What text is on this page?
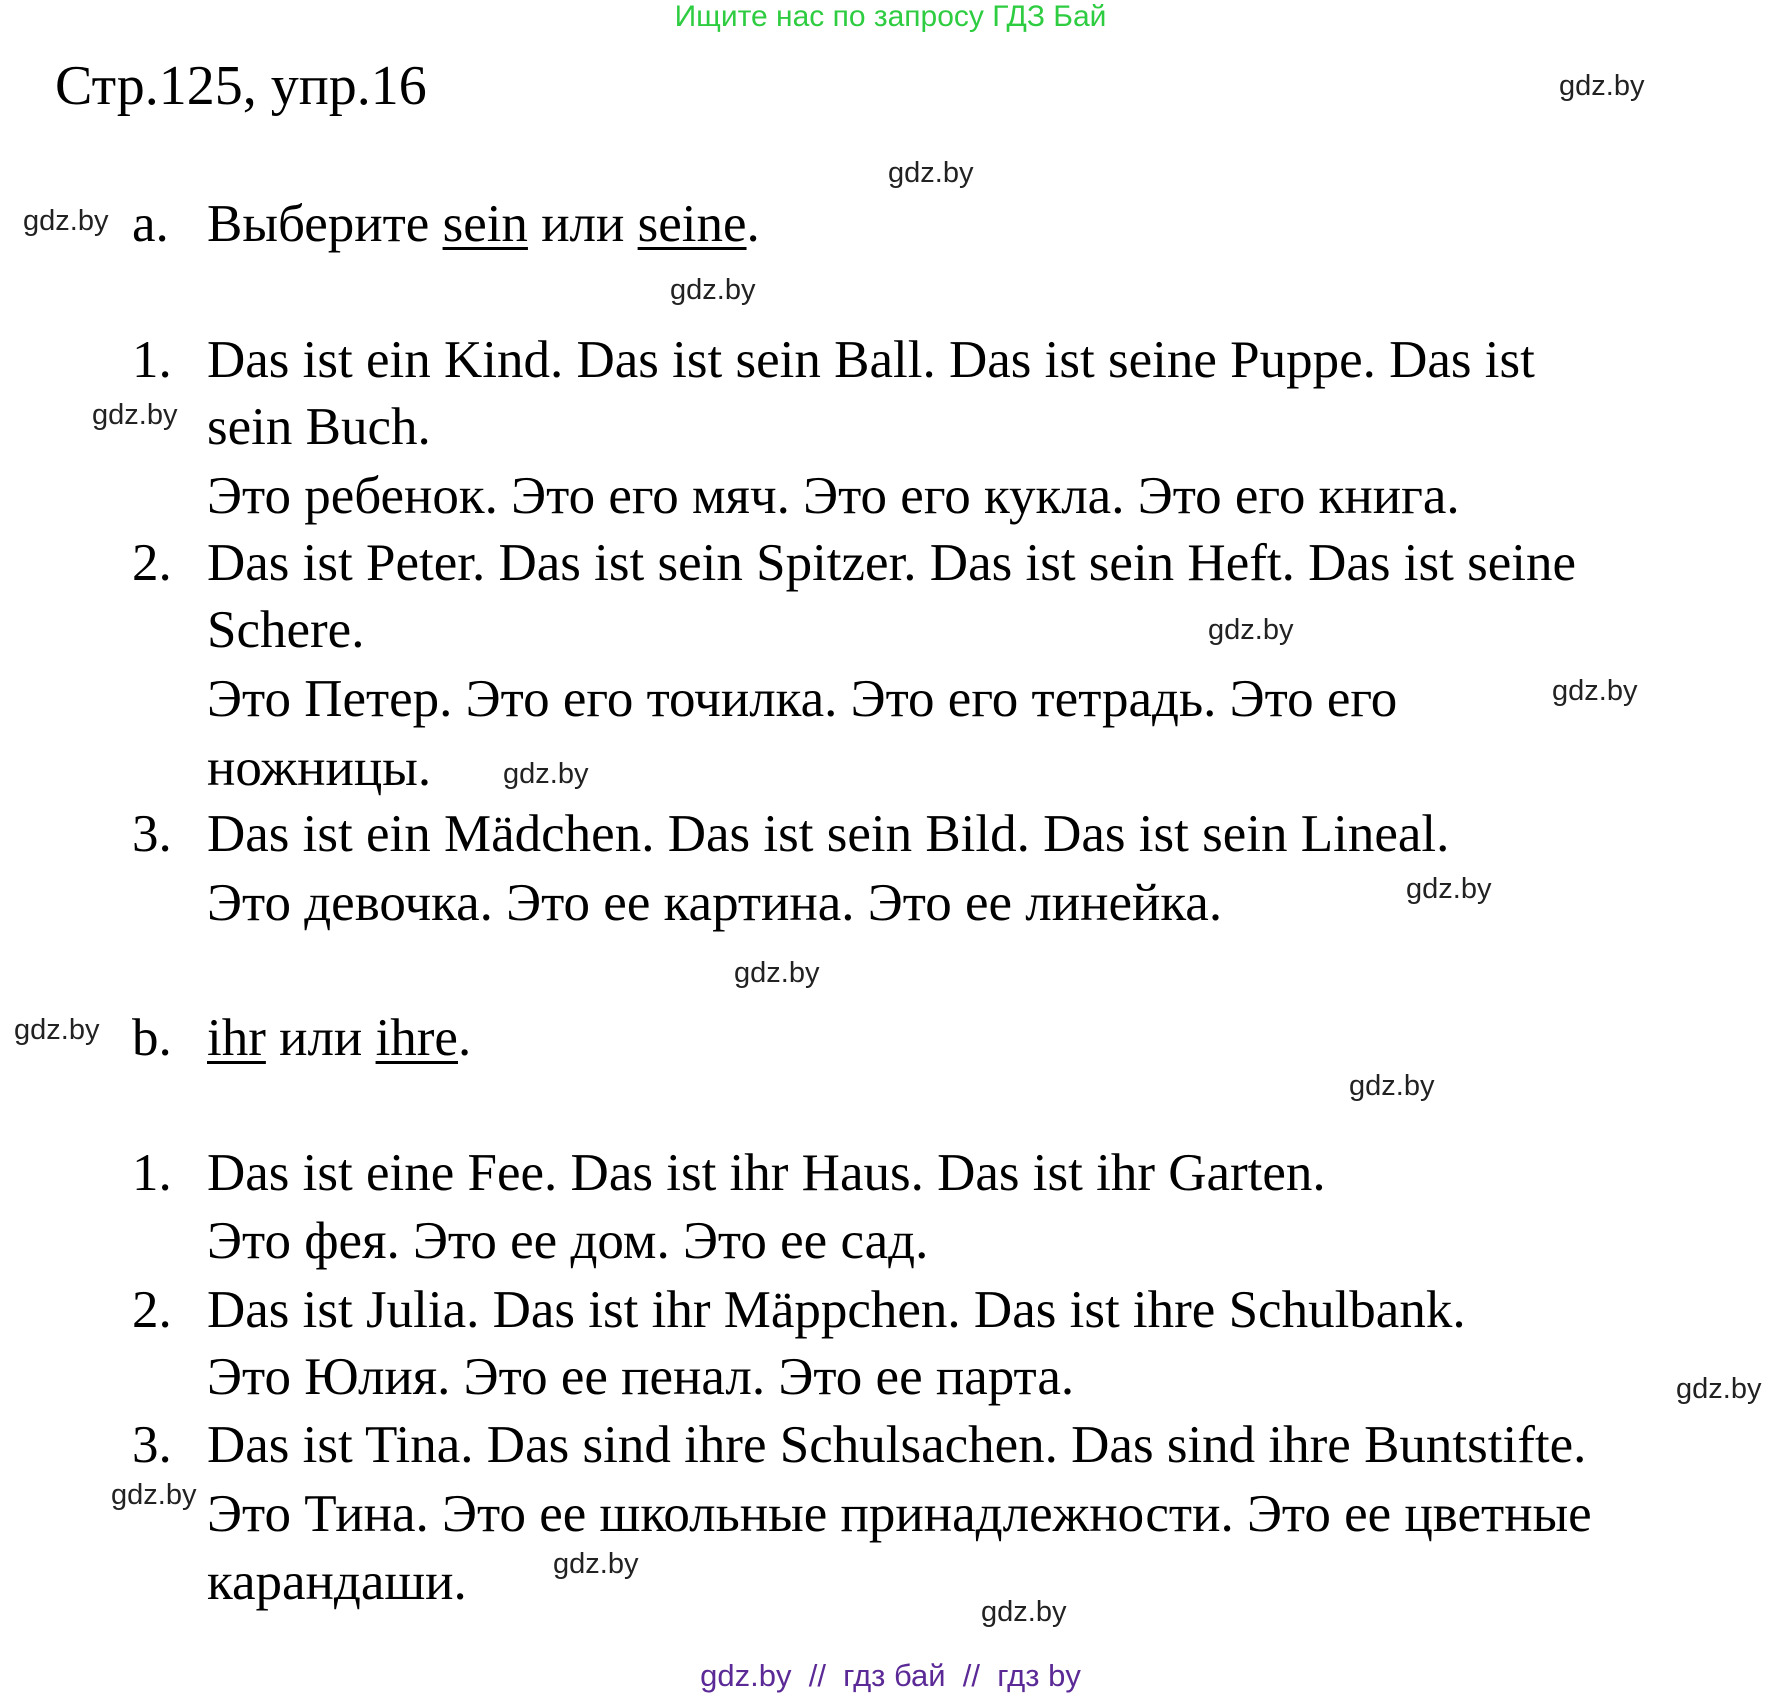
Ищите нас по запросу ГДЗ Бай
Стр.125, упр.16
a. Выберите sein или seine.
1. Das ist ein Kind. Das ist sein Ball. Das ist seine Puppe. Das ist
sein Buch.
Это ребенок. Это его мяч. Это его кукла. Это его книга.
2. Das ist Peter. Das ist sein Spitzer. Das ist sein Heft. Das ist seine
Schere.
Это Петер. Это его точилка. Это его тетрадь. Это его
ножницы.
3. Das ist ein Mädchen. Das ist sein Bild. Das ist sein Lineal.
Это девочка. Это ее картина. Это ее линейка.
b. ihr или ihre.
1. Das ist eine Fee. Das ist ihr Haus. Das ist ihr Garten.
Это фея. Это ее дом. Это ее сад.
2. Das ist Julia. Das ist ihr Mäppchen. Das ist ihre Schulbank.
Это Юлия. Это ее пенал. Это ее парта.
3. Das ist Tina. Das sind ihre Schulsachen. Das sind ihre Buntstifte.
Это Тина. Это ее школьные принадлежности. Это ее цветные
карандаши.
gdz.by
gdz.by
gdz.by
gdz.by
gdz.by
gdz.by
gdz.by
gdz.by
gdz.by
gdz.by
gdz.by
gdz.by
gdz.by
gdz.by
gdz.by
gdz.by
gdz.by  //  гдз бай  //  гдз by
